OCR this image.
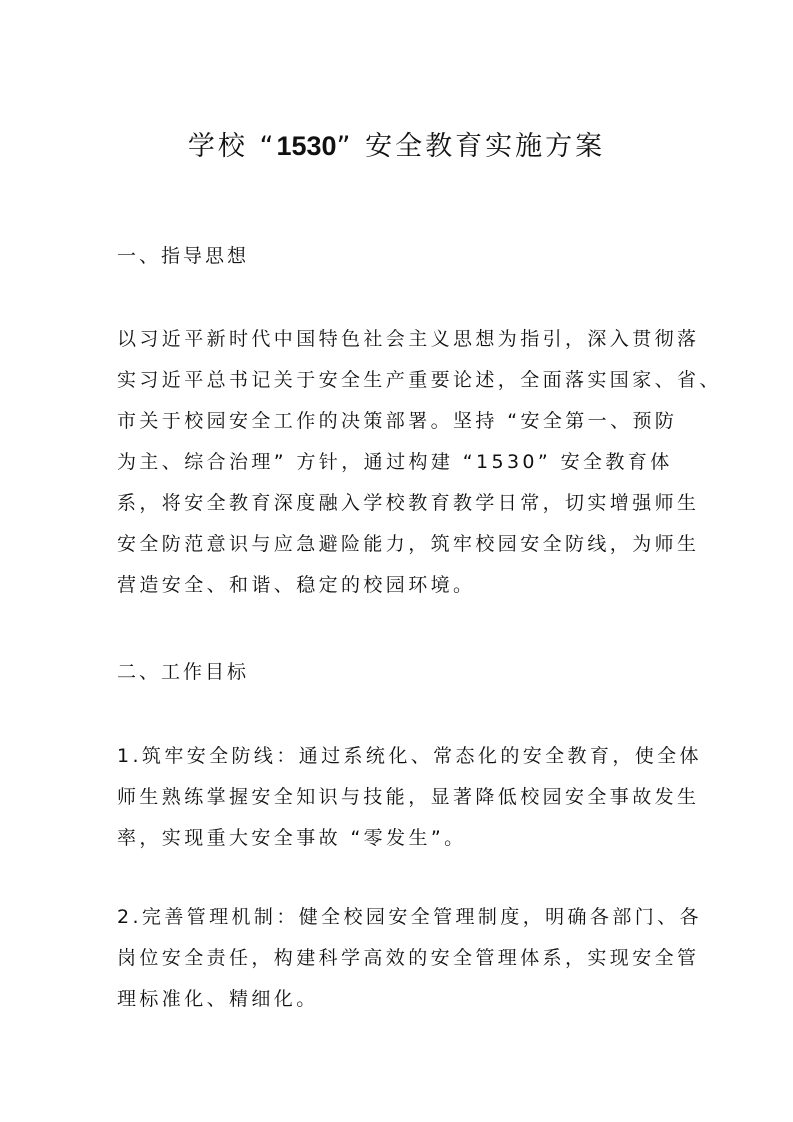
学校 “1530” 安全教育实施方案
一、指导思想
以习近平新时代中国特色社会主义思想为指引，深入贯彻落
实习近平总书记关于安全生产重要论述，全面落实国家、省、
市关于校园安全工作的决策部署。坚持 “安全第一、预防
为主、综合治理” 方针，通过构建 “1530” 安全教育体
系，将安全教育深度融入学校教育教学日常，切实增强师生
安全防范意识与应急避险能力，筑牢校园安全防线，为师生
营造安全、和谐、稳定的校园环境。
二、工作目标
1.筑牢安全防线：通过系统化、常态化的安全教育，使全体
师生熟练掌握安全知识与技能，显著降低校园安全事故发生
率，实现重大安全事故 “零发生”。
2.完善管理机制：健全校园安全管理制度，明确各部门、各
岗位安全责任，构建科学高效的安全管理体系，实现安全管
理标准化、精细化。
